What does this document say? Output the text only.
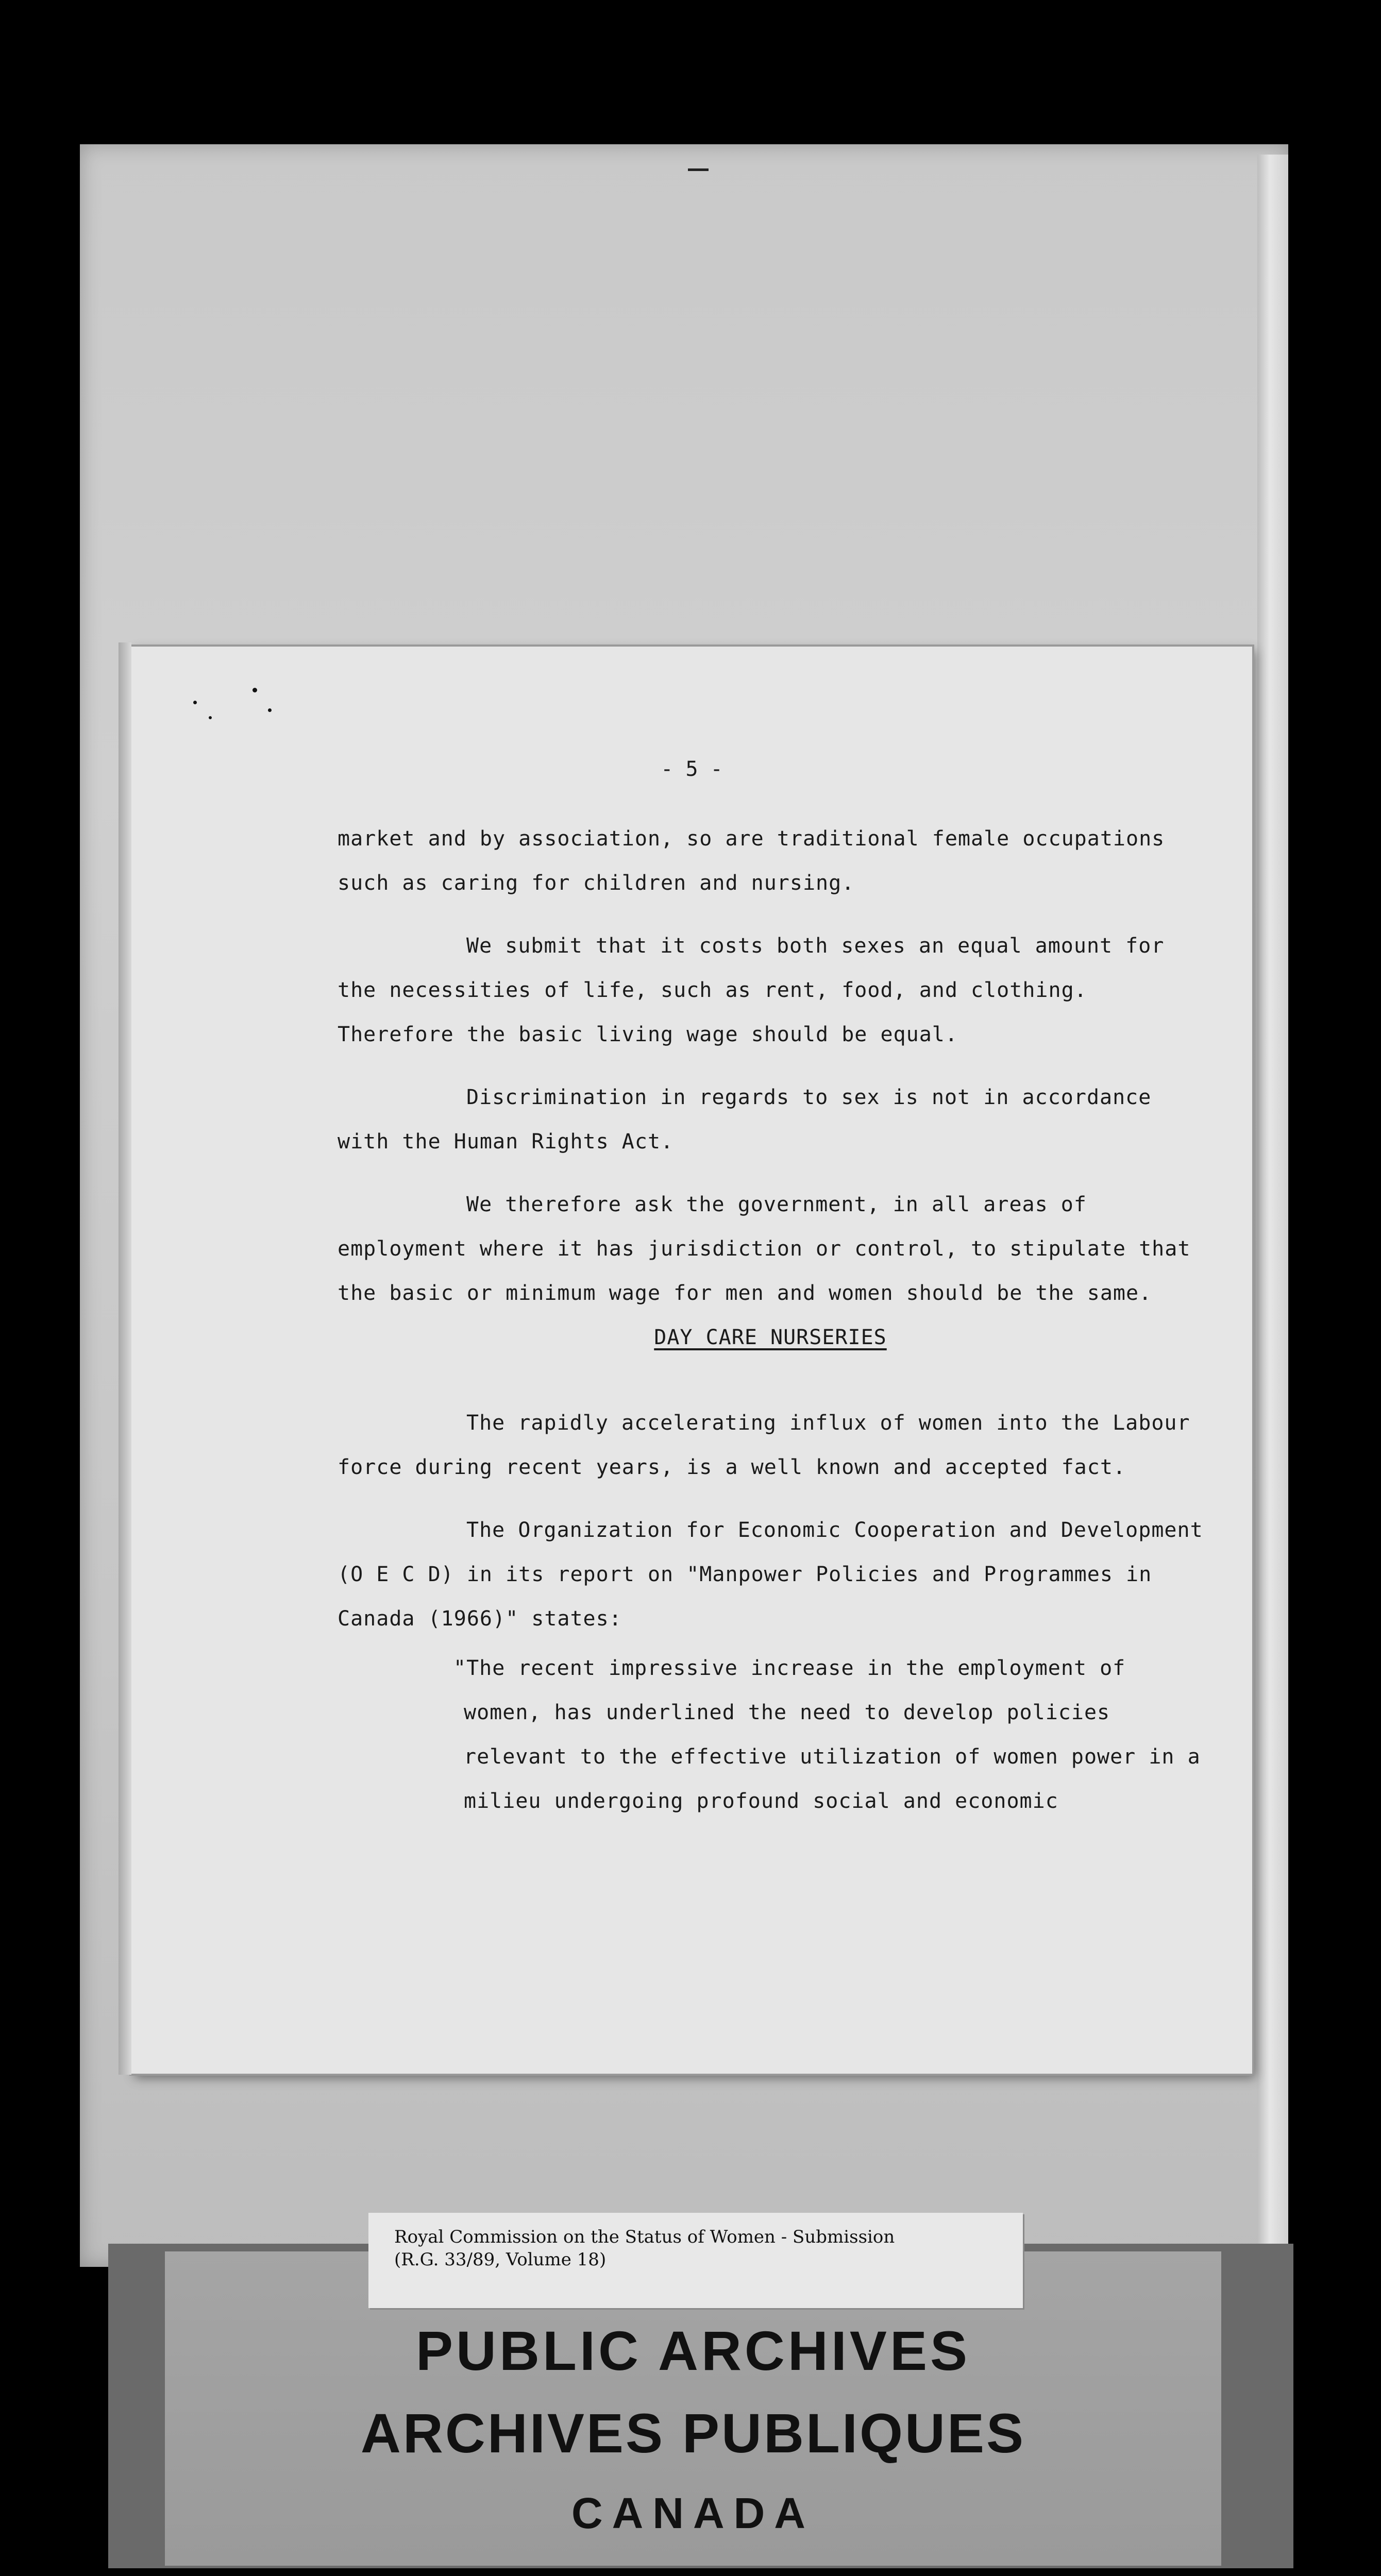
- 5 -

market and by association, so are traditional female occupations such as caring for children and nursing.

We submit that it costs both sexes an equal amount for the necessities of life, such as rent, food, and clothing. Therefore the basic living wage should be equal.

Discrimination in regards to sex is not in accordance with the Human Rights Act.

We therefore ask the government, in all areas of employment where it has jurisdiction or control, to stipulate that the basic or minimum wage for men and women should be the same.

DAY CARE NURSERIES

The rapidly accelerating influx of women into the Labour force during recent years, is a well known and accepted fact.

The Organization for Economic Cooperation and Development (O E C D) in its report on "Manpower Policies and Programmes in Canada (1966)" states:

"The recent impressive increase in the employment of women, has underlined the need to develop policies relevant to the effective utilization of women power in a milieu undergoing profound social and economic

PUBLIC ARCHIVES
ARCHIVES PUBLIQUES
CANADA
Royal Commission on the Status of Women - Submission
(R.G. 33/89, Volume 18)
